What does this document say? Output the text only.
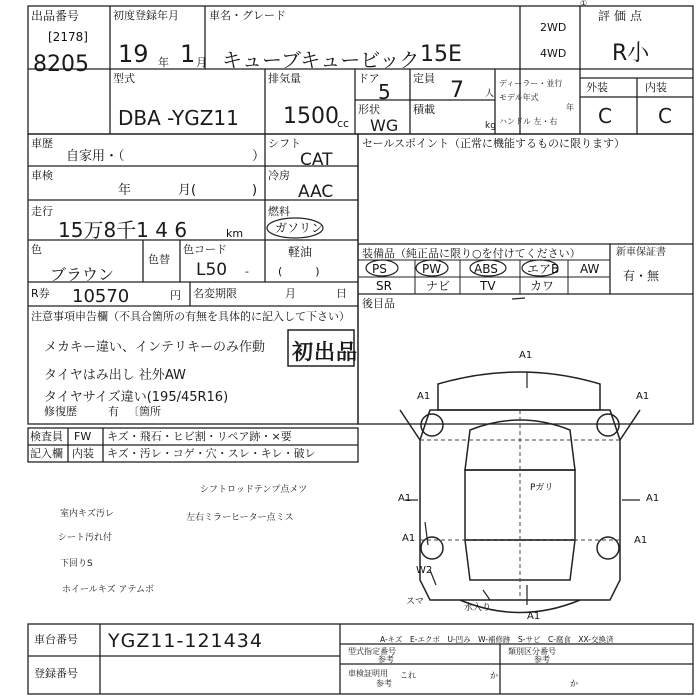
出品番号
[2178]
8205
初度登録年月
19 年 1 月
車名・グレード
キューブキュービック 15E
2WD
4WD
評価点
R小
①
型式
DBA -YGZ11
排気量
1500
cc
ドア
5
定員 7 人
形状
WG
積載
kg
ディーラー・並行
モデル年式
年
ハンドル 左・右
外装	内装
C C
車歴
自家用・（	）
シフト
CAT
セールスポイント（正常に機能するものに限ります）
車検
年	月(	)
冷房
AAC
走行
15万8千1 4 6	km
燃料
ガソリン
色
ブラウン
色替
色コード
L50 -
軽油
(　　　)
装備品（純正品に限り○を付けてください）
PS	PW	ABS エアB AW
SR	ナビ TV	カワ
新車保証書
有・無
後目品
R券 10570	円 名変期限	月	日
注意事項申告欄（不具合箇所の有無を具体的に記入して下さい）
メカキー違い、インテリキーのみ作動 初出品
タイヤはみ出し 社外AW
タイヤサイズ違い(195/45R16)
修復歴	有 〔箇所
検査員
記入欄
FW キズ・飛石・ヒビ割・リペア跡・×要
内装 キズ・汚レ・コゲ・穴・スレ・キレ・破レ
シフトロッドテンプ点メツ
左右ミラーヒーター点ミス
室内キズ汚レ
シート汚れ付
下回りS
ホイールキズ アテムボ
A1
A1	A1
A1	A1
A1	A1
A1
W2
水入り
スマ
Pガリ
A-キズ　E-エクボ　U-凹み　W-補修跡　S-サビ　C-腐食　XX-交換済
車台番号 YGZ11-121434
登録番号
型式指定番号
参考
類別区分番号
参考
車検証明用
参考
これ	か
か
